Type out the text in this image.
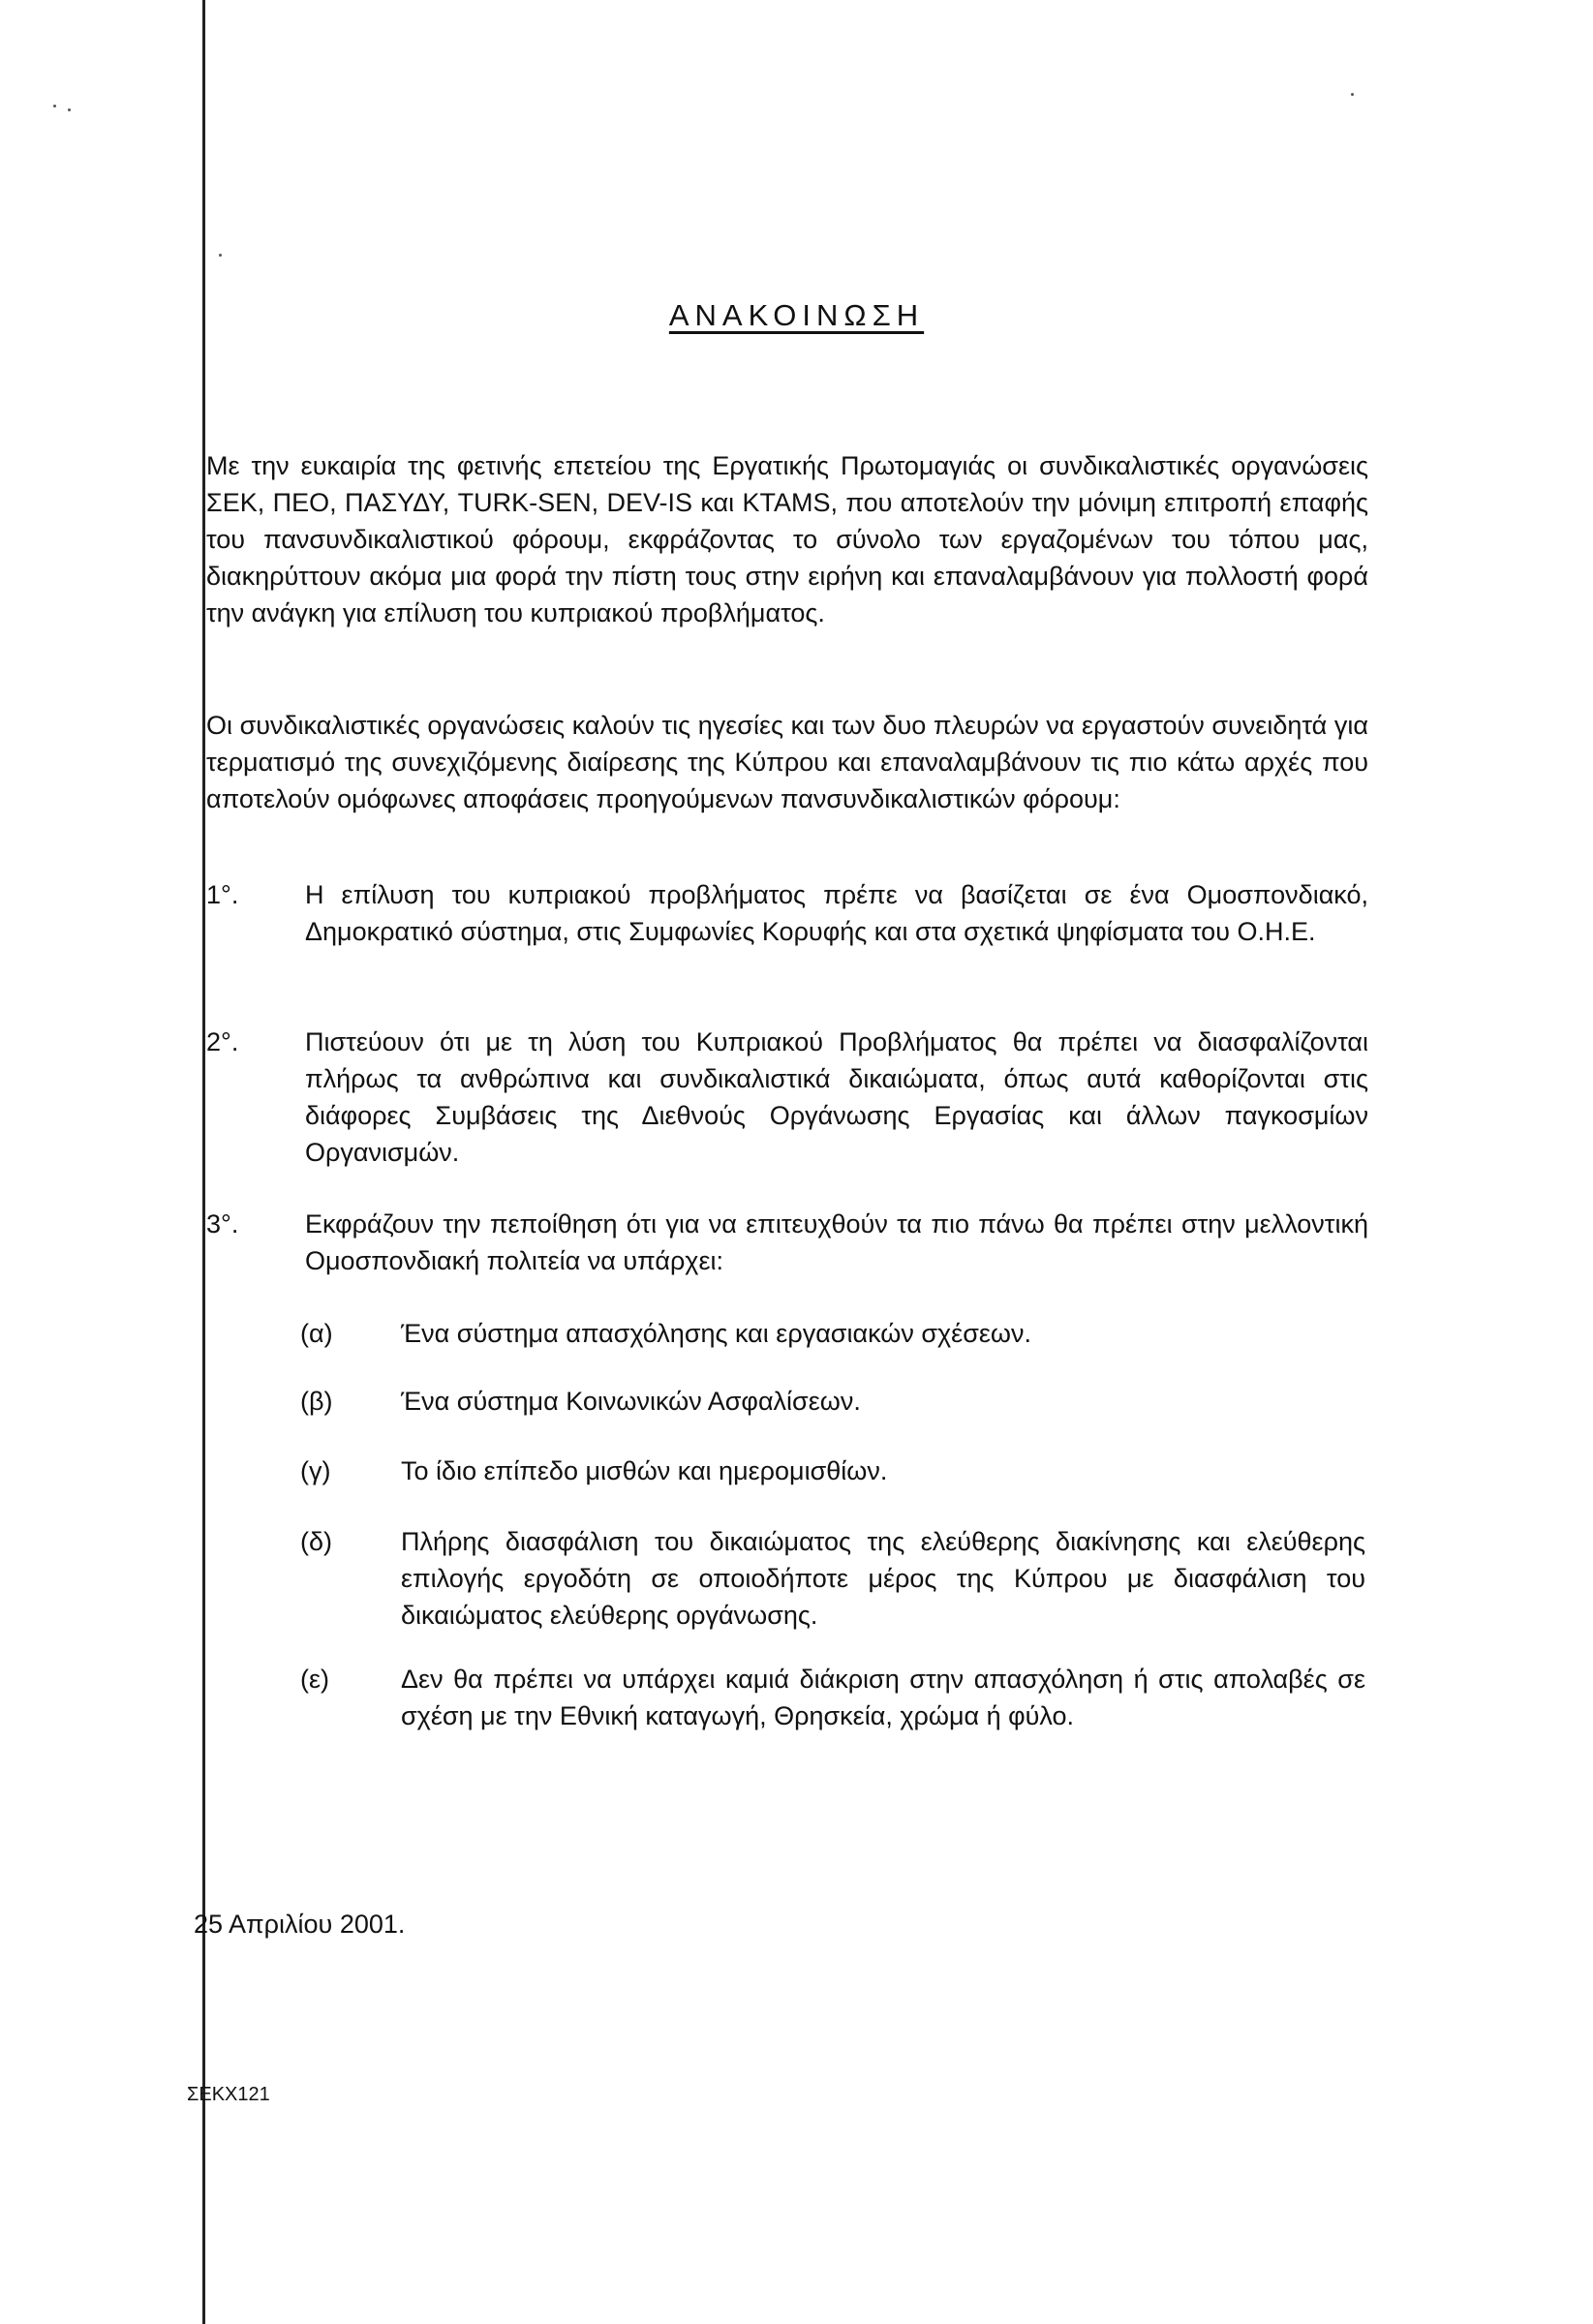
ΑΝΑΚΟΙΝΩΣΗ
Με την ευκαιρία της φετινής επετείου της Εργατικής Πρωτομαγιάς οι συνδικαλιστικές οργανώσεις ΣΕΚ, ΠΕΟ, ΠΑΣΥΔΥ, TURK-SEN, DEV-IS και KTAMS, που αποτελούν την μόνιμη επιτροπή επαφής του πανσυνδικαλιστικού φόρουμ, εκφράζοντας το σύνολο των εργαζομένων του τόπου μας, διακηρύττουν ακόμα μια φορά την πίστη τους στην ειρήνη και επαναλαμβάνουν για πολλοστή φορά την ανάγκη για επίλυση του κυπριακού προβλήματος.
Οι συνδικαλιστικές οργανώσεις καλούν τις ηγεσίες και των δυο πλευρών να εργαστούν συνειδητά για τερματισμό της συνεχιζόμενης διαίρεσης της Κύπρου και επαναλαμβάνουν τις πιο κάτω αρχές που αποτελούν ομόφωνες αποφάσεις προηγούμενων πανσυνδικαλιστικών φόρουμ:
1°.	Η επίλυση του κυπριακού προβλήματος πρέπε να βασίζεται σε ένα Ομοσπονδιακό, Δημοκρατικό σύστημα, στις Συμφωνίες Κορυφής και στα σχετικά ψηφίσματα του Ο.Η.Ε.
2°.	Πιστεύουν ότι με τη λύση του Κυπριακού Προβλήματος θα πρέπει να διασφαλίζονται πλήρως τα ανθρώπινα και συνδικαλιστικά δικαιώματα, όπως αυτά καθορίζονται στις διάφορες Συμβάσεις της Διεθνούς Οργάνωσης Εργασίας και άλλων παγκοσμίων Οργανισμών.
3°.	Εκφράζουν την πεποίθηση ότι για να επιτευχθούν τα πιο πάνω θα πρέπει στην μελλοντική Ομοσπονδιακή πολιτεία να υπάρχει:
(α)	Ένα σύστημα απασχόλησης και εργασιακών σχέσεων.
(β)	Ένα σύστημα Κοινωνικών Ασφαλίσεων.
(γ)	Το ίδιο επίπεδο μισθών και ημερομισθίων.
(δ)	Πλήρης διασφάλιση του δικαιώματος της ελεύθερης διακίνησης και ελεύθερης επιλογής εργοδότη σε οποιοδήποτε μέρος της Κύπρου με διασφάλιση του δικαιώματος ελεύθερης οργάνωσης.
(ε)	Δεν θα πρέπει να υπάρχει καμιά διάκριση στην απασχόληση ή στις απολαβές σε σχέση με την Εθνική καταγωγή, Θρησκεία, χρώμα ή φύλο.
25 Απριλίου 2001.
ΣΕΚΧ121
